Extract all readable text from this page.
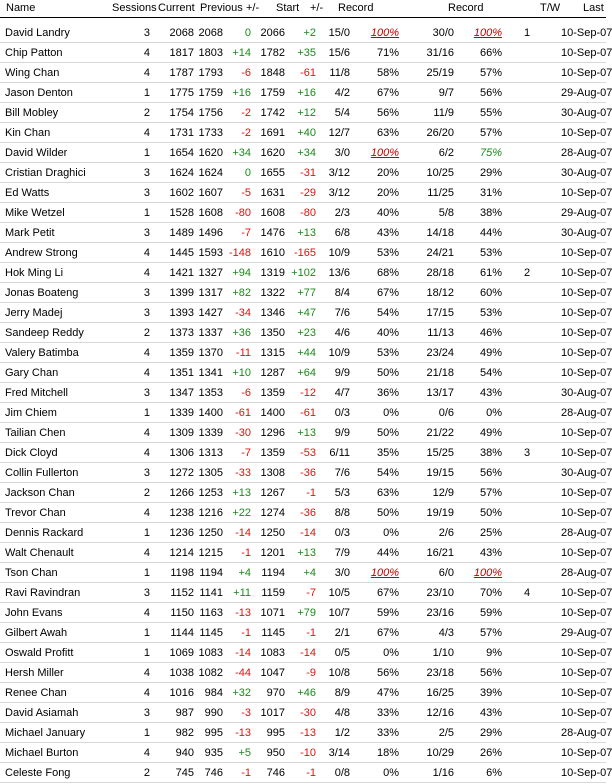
Name	Sessions Current Previous +/- Start +/- Record	Record	T/W Last
David Landry	3 2068 2068 0 2066 +2 15/0 100%	30/0 100% 1	10-Sep-07
Chip Patton	4 1817 1803 +14 1782 +35 15/6 71% 31/16 66%	10-Sep-07
Wing Chan	4 1787 1793 -6 1848 -61 11/8 58% 25/19 57%	10-Sep-07
Jason Denton	1 1775 1759 +16 1759 +16 4/2 67%	9/7 56%	29-Aug-07
Bill Mobley	2 1754 1756 -2 1742 +12 5/4 56%	11/9 55%	30-Aug-07
Kin Chan	4 1731 1733 -2 1691 +40 12/7 63% 26/20 57%	10-Sep-07
David Wilder	1 1654 1620 +34 1620 +34 3/0 100%	6/2 75%	28-Aug-07
Cristian Draghici	3 1624 1624 0 1655 -31 3/12 20% 10/25 29%	30-Aug-07
Ed Watts	3 1602 1607 -5 1631 -29 3/12 20%	11/25 31%	10-Sep-07
Mike Wetzel	1 1528 1608 -80 1608 -80 2/3 40%	5/8 38%	29-Aug-07
Mark Petit	3 1489 1496 -7 1476 +13 6/8 43% 14/18 44%	30-Aug-07
Andrew Strong	4 1445 1593 -148 1610 -165 10/9 53% 24/21 53%	10-Sep-07
Hok Ming Li	4 1421 1327 +94 1319 +102 13/6 68% 28/18 61% 2	10-Sep-07
Jonas Boateng	3 1399 1317 +82 1322 +77 8/4 67% 18/12 60%	10-Sep-07
Jerry Madej	3 1393 1427 -34 1346 +47 7/6 54% 17/15 53%	10-Sep-07
Sandeep Reddy	2 1373 1337 +36 1350 +23 4/6 40%	11/13 46%	10-Sep-07
Valery Batimba	4 1359 1370 -11 1315 +44 10/9 53% 23/24 49%	10-Sep-07
Gary Chan	4 1351 1341 +10 1287 +64 9/9 50% 21/18 54%	10-Sep-07
Fred Mitchell	3 1347 1353 -6 1359 -12 4/7 36% 13/17 43%	30-Aug-07
Jim Chiem	1 1339 1400 -61 1400 -61 0/3	0%	0/6	0%	28-Aug-07
Tailian Chen	4 1309 1339 -30 1296 +13 9/9 50% 21/22 49%	10-Sep-07
Dick Cloyd	4 1306 1313 -7 1359 -53 6/11 35% 15/25 38% 3	10-Sep-07
Collin Fullerton	3 1272 1305 -33 1308 -36 7/6 54% 19/15 56%	30-Aug-07
Jackson Chan	2 1266 1253 +13 1267 -1 5/3 63%	12/9 57%	10-Sep-07
Trevor Chan	4 1238 1216 +22 1274 -36 8/8 50% 19/19 50%	10-Sep-07
Dennis Rackard	1 1236 1250 -14 1250 -14 0/3	0%	2/6 25%	28-Aug-07
Walt Chenault	4 1214 1215 -1 1201 +13 7/9 44% 16/21 43%	10-Sep-07
Tson Chan	1 1198 1194 +4 1194 +4 3/0 100%	6/0 100%	28-Aug-07
Ravi Ravindran	3 1152 1141 +11 1159 -7 10/5 67% 23/10 70% 4	10-Sep-07
John Evans	4 1150 1163 -13 1071 +79 10/7 59% 23/16 59%	10-Sep-07
Gilbert Awah	1 1144 1145 -1 1145 -1 2/1 67%	4/3 57%	29-Aug-07
Oswald Profitt	1 1069 1083 -14 1083 -14 0/5	0%	1/10	9%	10-Sep-07
Hersh Miller	4 1038 1082 -44 1047 -9 10/8 56% 23/18 56%	10-Sep-07
Renee Chan	4 1016 984 +32 970 +46 8/9 47% 16/25 39%	10-Sep-07
David Asiamah	3 987 990 -3 1017 -30 4/8 33% 12/16 43%	10-Sep-07
Michael January	1 982 995 -13 995 -13 1/2 33%	2/5 29%	28-Aug-07
Michael Burton	4 940 935 +5 950 -10 3/14 18% 10/29 26%	10-Sep-07
Celeste Fong	2 745 746 -1 746 -1 0/8	0%	1/16	6%	10-Sep-07
